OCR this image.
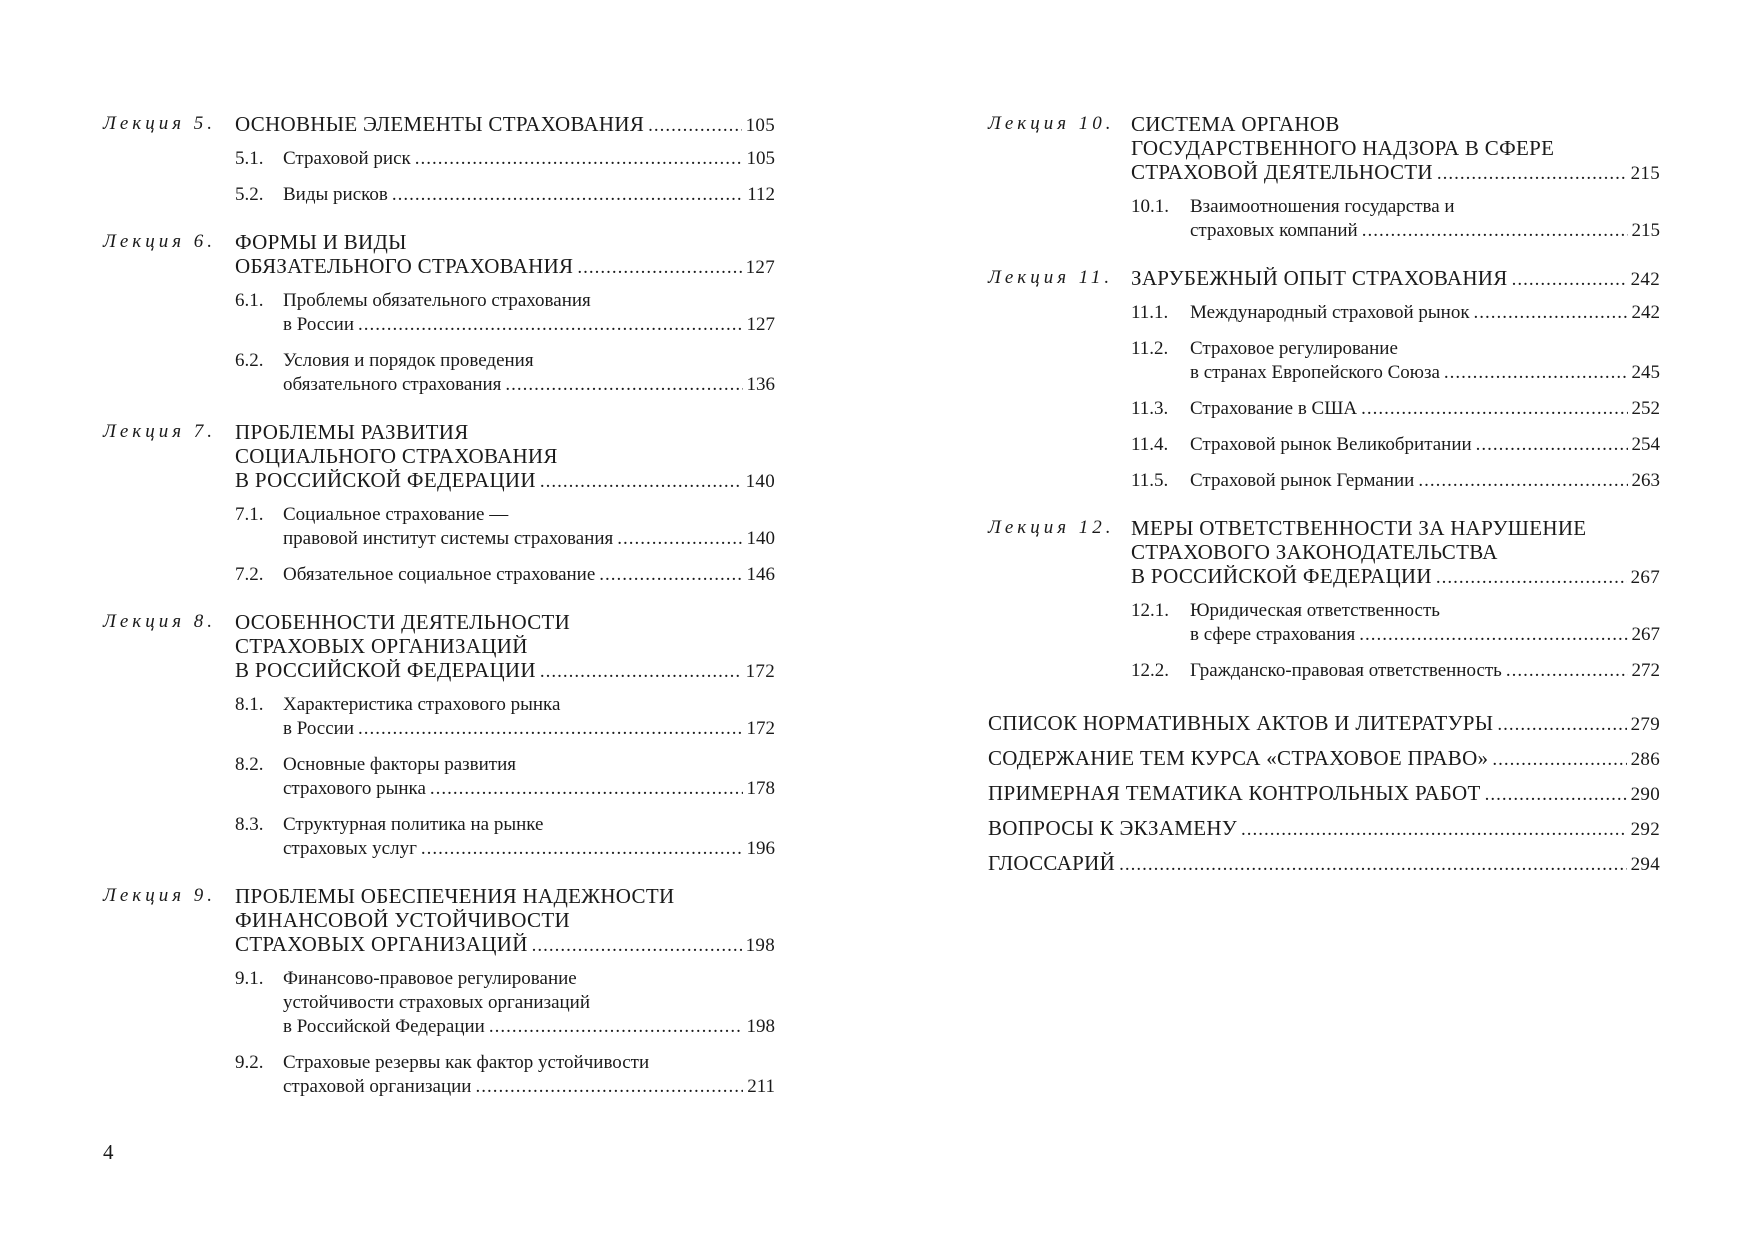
Лекция 5. ОСНОВНЫЕ ЭЛЕМЕНТЫ СТРАХОВАНИЯ .....	105
5.1.	Страховой риск .....	105
5.2.	Виды рисков .....	112
Лекция 6. ФОРМЫ И ВИДЫ
ОБЯЗАТЕЛЬНОГО СТРАХОВАНИЯ .....	127
6.1.	Проблемы обязательного страхования
в России .....	127
6.2.	Условия и порядок проведения
обязательного страхования .....	136
Лекция 7. ПРОБЛЕМЫ РАЗВИТИЯ
СОЦИАЛЬНОГО СТРАХОВАНИЯ
В РОССИЙСКОЙ ФЕДЕРАЦИИ .....	140
7.1.	Социальное страхование —
правовой институт системы страхования .....	140
7.2.	Обязательное социальное страхование .....	146
Лекция 8. ОСОБЕННОСТИ ДЕЯТЕЛЬНОСТИ
СТРАХОВЫХ ОРГАНИЗАЦИЙ
В РОССИЙСКОЙ ФЕДЕРАЦИИ .....	172
8.1.	Характеристика страхового рынка
в России .....	172
8.2.	Основные факторы развития
страхового рынка .....	178
8.3.	Структурная политика на рынке
страховых услуг .....	196
Лекция 9. ПРОБЛЕМЫ ОБЕСПЕЧЕНИЯ НАДЕЖНОСТИ
ФИНАНСОВОЙ УСТОЙЧИВОСТИ
СТРАХОВЫХ ОРГАНИЗАЦИЙ .....	198
9.1.	Финансово-правовое регулирование
устойчивости страховых организаций
в Российской Федерации .....	198
9.2.	Страховые резервы как фактор устойчивости
страховой организации .....	211
Лекция 10. СИСТЕМА ОРГАНОВ
ГОСУДАРСТВЕННОГО НАДЗОРА В СФЕРЕ
СТРАХОВОЙ ДЕЯТЕЛЬНОСТИ .....	215
10.1.	Взаимоотношения государства и
страховых компаний .....	215
Лекция 11. ЗАРУБЕЖНЫЙ ОПЫТ СТРАХОВАНИЯ .....	242
11.1.	Международный страховой рынок .....	242
11.2.	Страховое регулирование
в странах Европейского Союза .....	245
11.3.	Страхование в США .....	252
11.4.	Страховой рынок Великобритании .....	254
11.5.	Страховой рынок Германии .....	263
Лекция 12. МЕРЫ ОТВЕТСТВЕННОСТИ ЗА НАРУШЕНИЕ
СТРАХОВОГО ЗАКОНОДАТЕЛЬСТВА
В РОССИЙСКОЙ ФЕДЕРАЦИИ .....	267
12.1.	Юридическая ответственность
в сфере страхования .....	267
12.2.	Гражданско-правовая ответственность .....	272
СПИСОК НОРМАТИВНЫХ АКТОВ И ЛИТЕРАТУРЫ .....	279
СОДЕРЖАНИЕ ТЕМ КУРСА «СТРАХОВОЕ ПРАВО» .....	286
ПРИМЕРНАЯ ТЕМАТИКА КОНТРОЛЬНЫХ РАБОТ .....	290
ВОПРОСЫ К ЭКЗАМЕНУ .....	292
ГЛОССАРИЙ .....	294
4
